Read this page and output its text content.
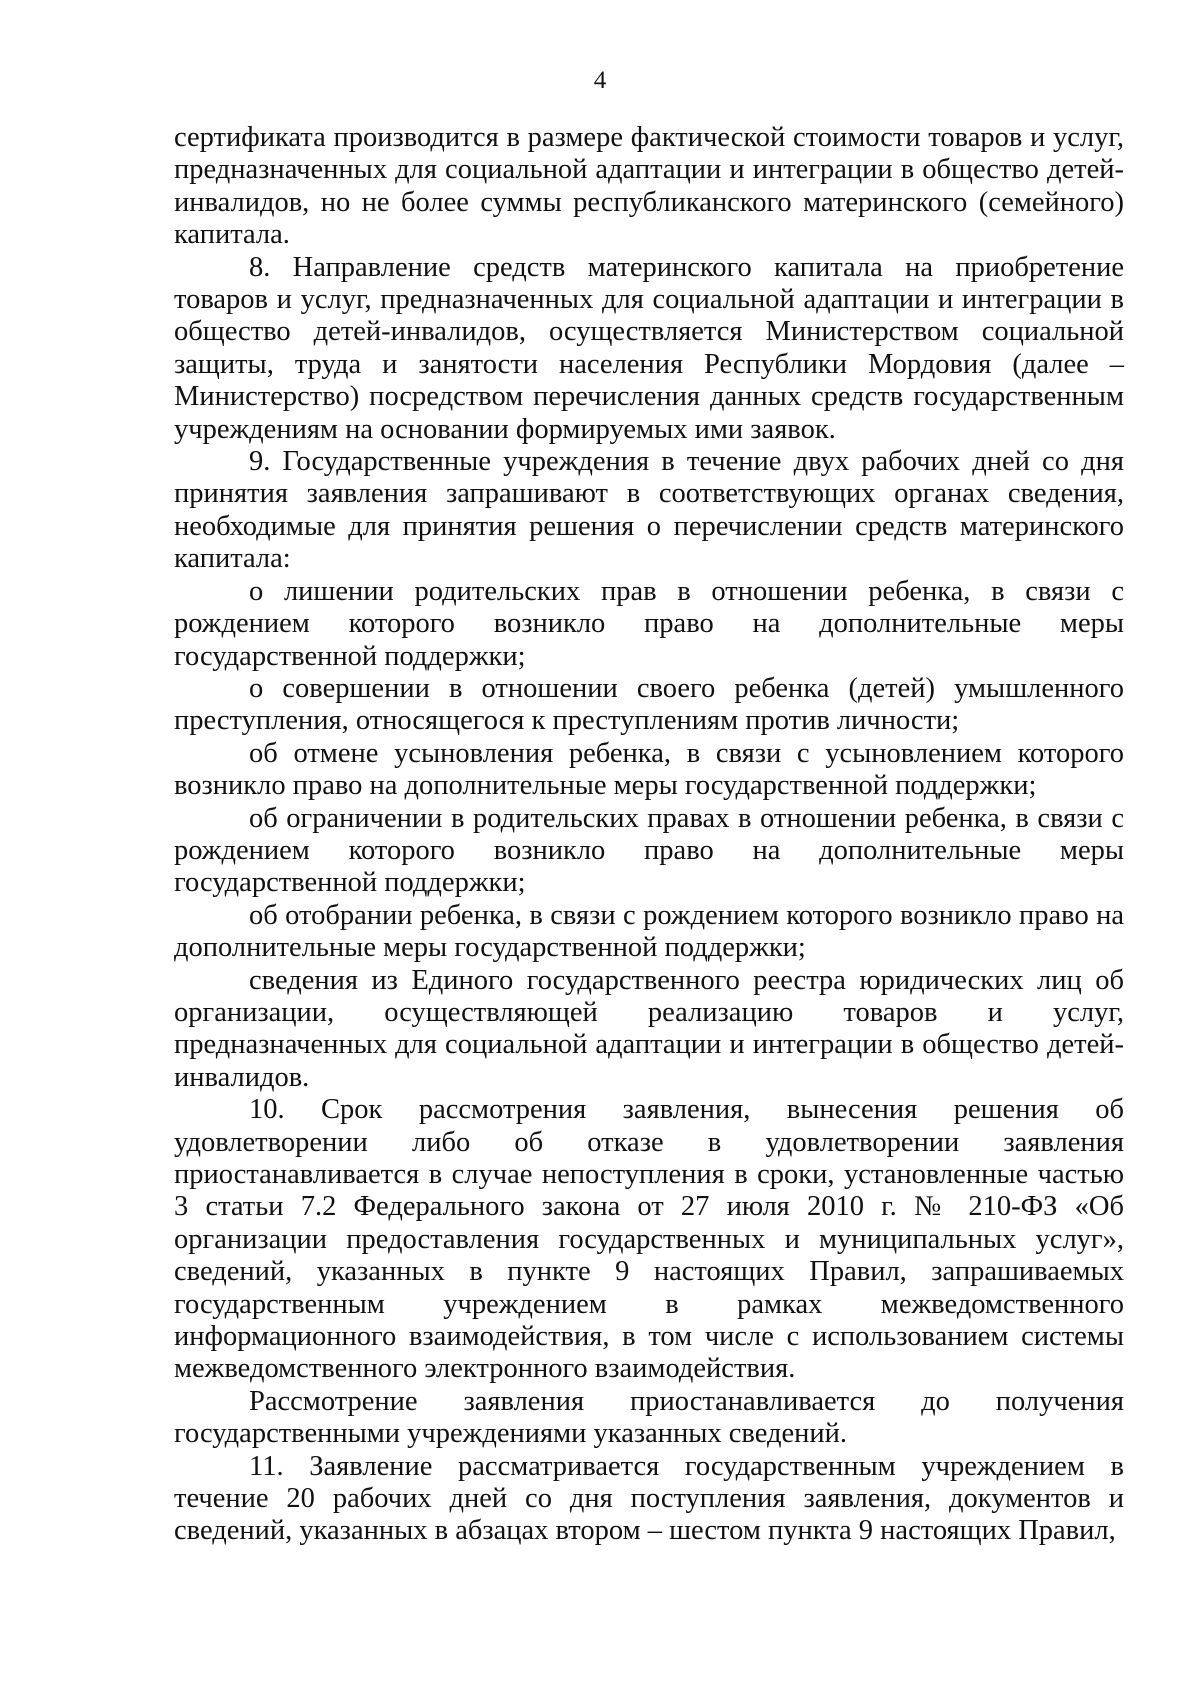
4

сертификата производится в размере фактической стоимости товаров и услуг, предназначенных для социальной адаптации и интеграции в общество детей-инвалидов, но не более суммы республиканского материнского (семейного) капитала.

8. Направление средств материнского капитала на приобретение товаров и услуг, предназначенных для социальной адаптации и интеграции в общество детей-инвалидов, осуществляется Министерством социальной защиты, труда и занятости населения Республики Мордовия (далее – Министерство) посредством перечисления данных средств государственным учреждениям на основании формируемых ими заявок.

9. Государственные учреждения в течение двух рабочих дней со дня принятия заявления запрашивают в соответствующих органах сведения, необходимые для принятия решения о перечислении средств материнского капитала:

о лишении родительских прав в отношении ребенка, в связи с рождением которого возникло право на дополнительные меры государственной поддержки;

о совершении в отношении своего ребенка (детей) умышленного преступления, относящегося к преступлениям против личности;

об отмене усыновления ребенка, в связи с усыновлением которого возникло право на дополнительные меры государственной поддержки;

об ограничении в родительских правах в отношении ребенка, в связи с рождением которого возникло право на дополнительные меры государственной поддержки;

об отобрании ребенка, в связи с рождением которого возникло право на дополнительные меры государственной поддержки;

сведения из Единого государственного реестра юридических лиц об организации, осуществляющей реализацию товаров и услуг, предназначенных для социальной адаптации и интеграции в общество детей-инвалидов.

10. Срок рассмотрения заявления, вынесения решения об удовлетворении либо об отказе в удовлетворении заявления приостанавливается в случае непоступления в сроки, установленные частью 3 статьи 7.2 Федерального закона от 27 июля 2010 г. № 210-ФЗ «Об организации предоставления государственных и муниципальных услуг», сведений, указанных в пункте 9 настоящих Правил, запрашиваемых государственным учреждением в рамках межведомственного информационного взаимодействия, в том числе с использованием системы межведомственного электронного взаимодействия.

Рассмотрение заявления приостанавливается до получения государственными учреждениями указанных сведений.

11. Заявление рассматривается государственным учреждением в течение 20 рабочих дней со дня поступления заявления, документов и сведений, указанных в абзацах втором – шестом пункта 9 настоящих Правил,
